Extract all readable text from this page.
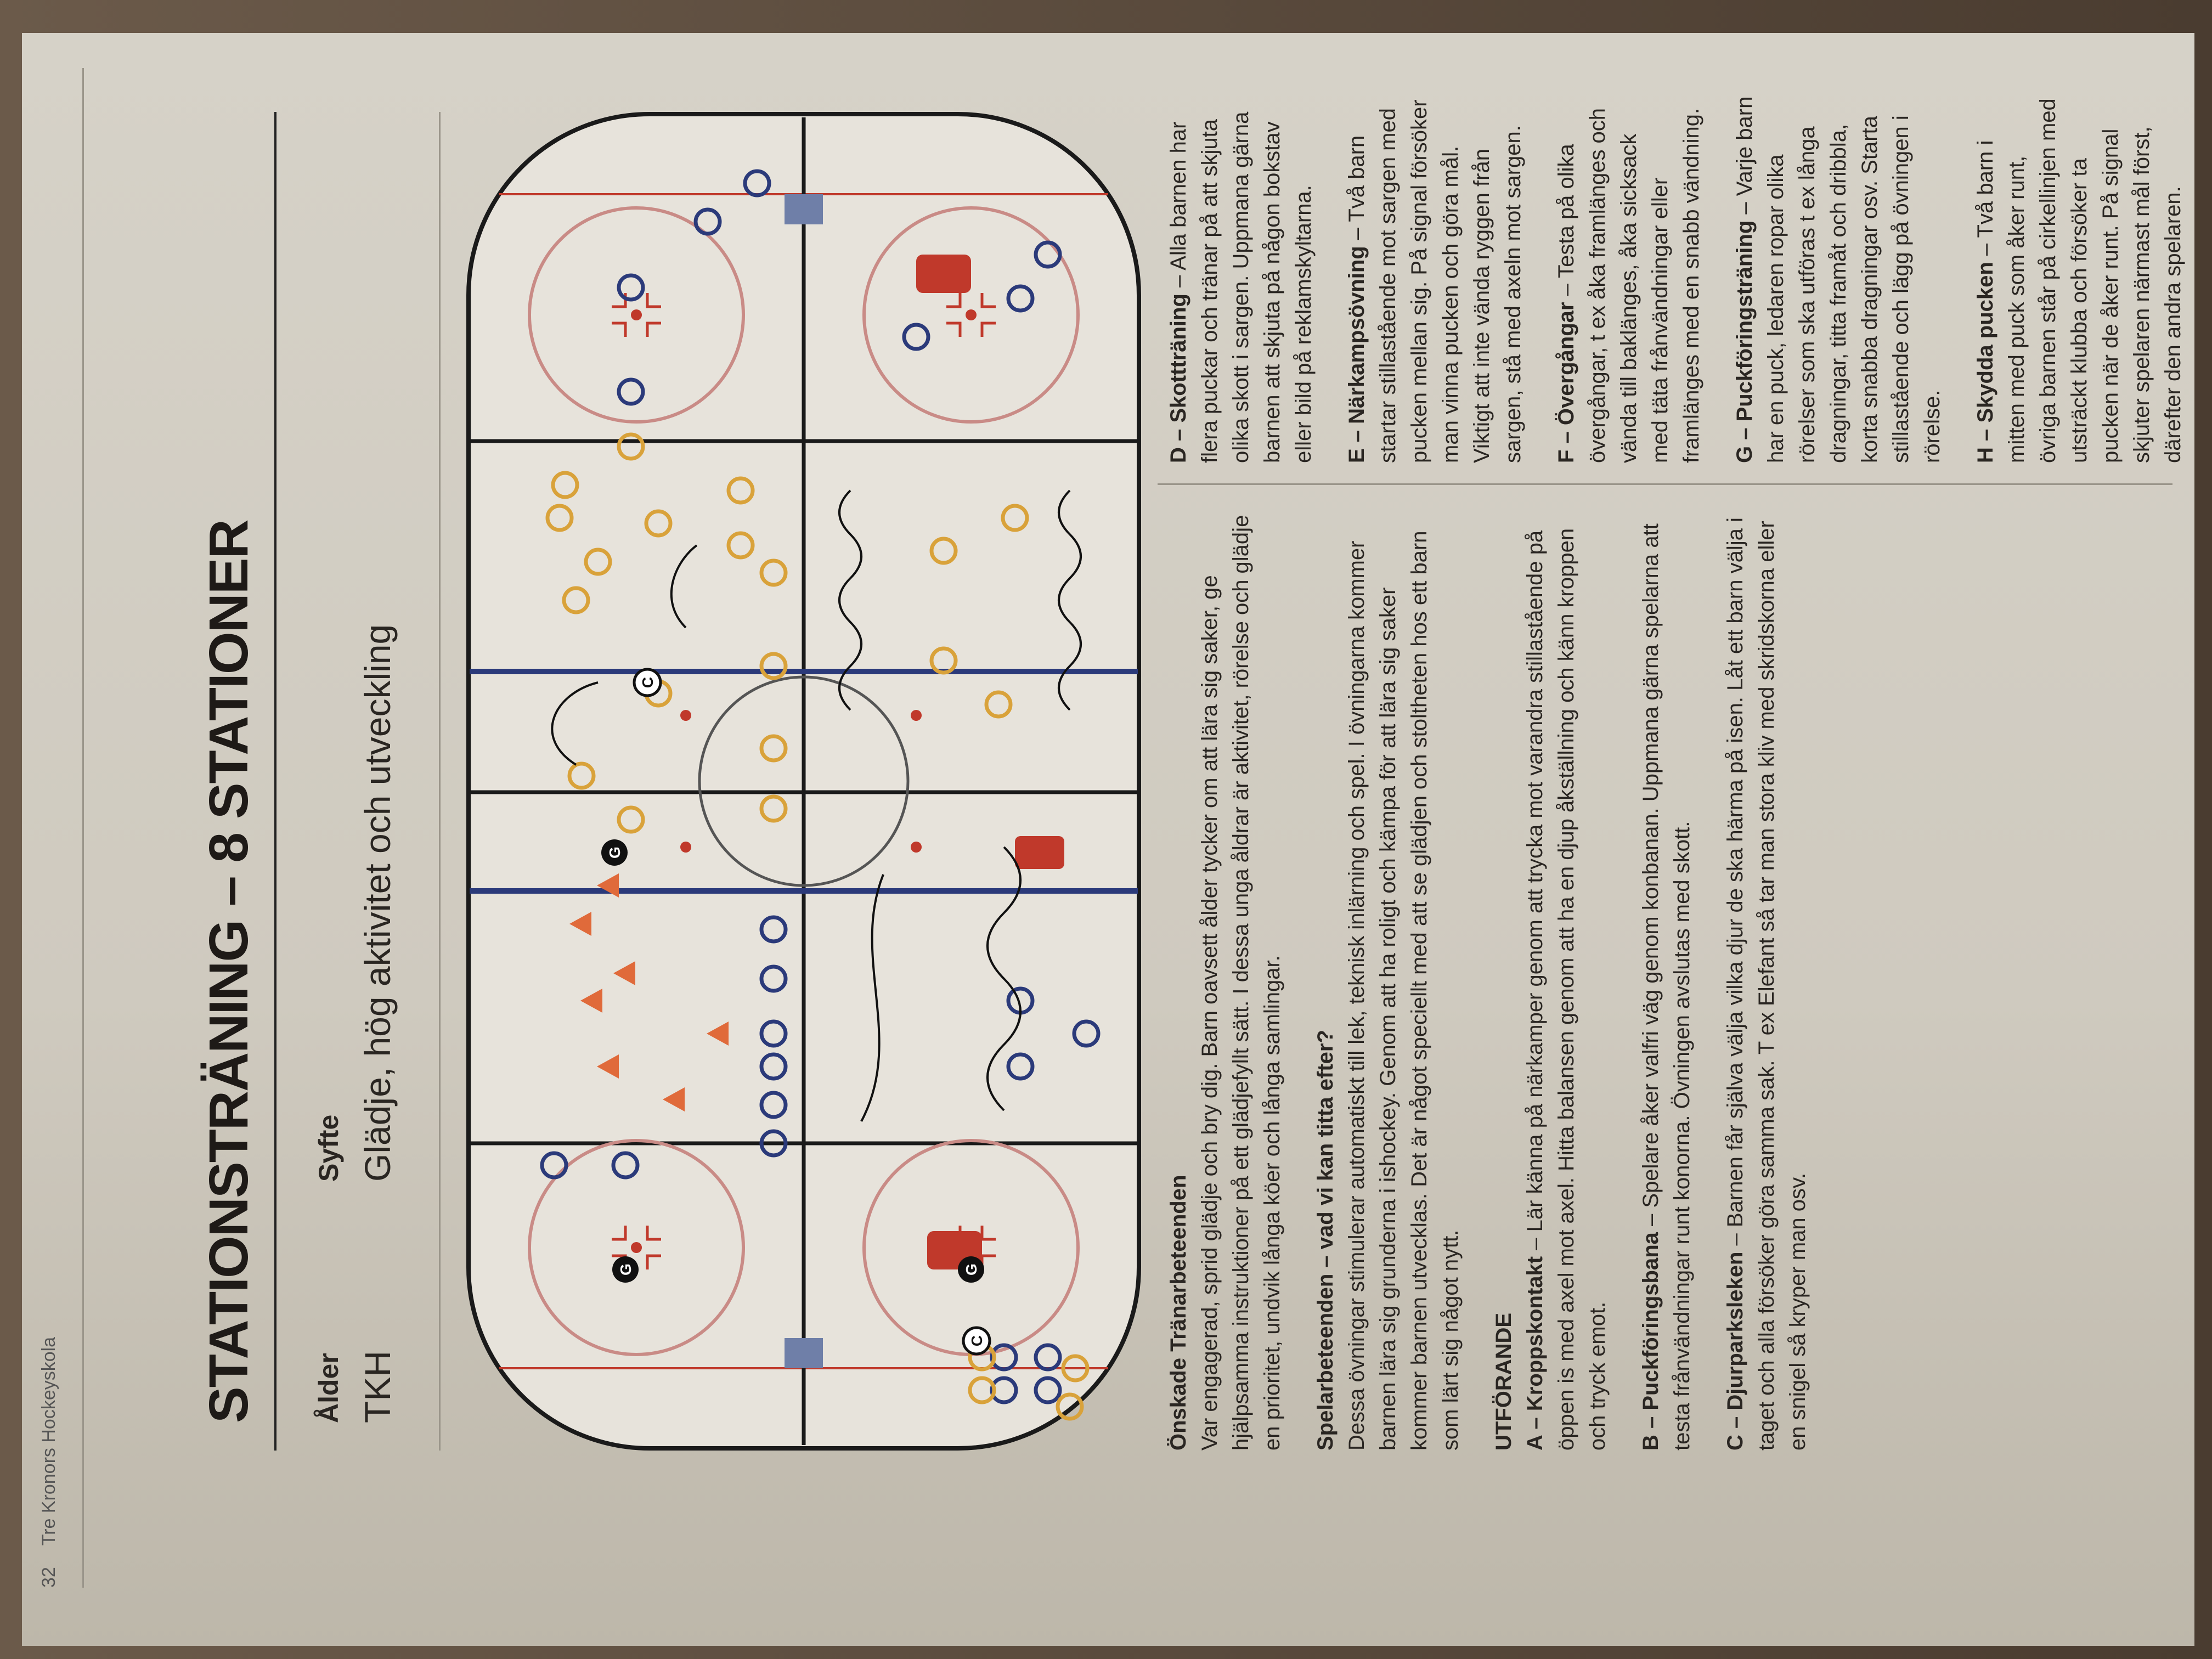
32 Tre Kronors Hockeyskola
STATIONSTRÄNING – 8 STATIONER Ålder TKH
Syfte Glädje, hög aktivitet och utveckling
G	G
G
C
C

Önskade Tränarbeteenden Var engagerad, sprid glädje och bry dig. Barn oavsett ålder tycker om att lära sig saker, ge hjälpsamma instruktioner på ett glädjefyllt sätt. I dessa unga åldrar är aktivitet, rörelse och glädje en prioritet, undvik långa köer och långa samlingar. Spelarbeteenden – vad vi kan titta efter? Dessa övningar stimulerar automatiskt till lek, teknisk inlärning och spel. I övningarna kommer barnen lära sig grunderna i ishockey. Genom att ha roligt och kämpa för att lära sig saker kommer barnen utvecklas. Det är något speciellt med att se glädjen och stoltheten hos ett barn som lärt sig något nytt. UTFÖRANDE A – Kroppskontakt – Lär känna på närkamper genom att trycka mot varandra stillastående på öppen is med axel mot axel. Hitta balansen genom att ha en djup åkställning och känn kroppen och tryck emot. B – Puckföringsbana – Spelare åker valfri väg genom konbanan. Uppmana gärna spelarna att testa frånvändningar runt konorna. Övningen avslutas med skott. C – Djurparksleken – Barnen får själva välja vilka djur de ska härma på isen. Låt ett barn välja i taget och alla försöker göra samma sak. T ex Elefant så tar man stora kliv med skridskorna eller en snigel så kryper man osv.

D – Skottträning – Alla barnen har flera puckar och tränar på att skjuta olika skott i sargen. Uppmana gärna barnen att skjuta på någon bokstav eller bild på reklamskyltarna. E – Närkampsövning – Två barn startar stillastående mot sargen med pucken mellan sig. På signal försöker man vinna pucken och göra mål. Viktigt att inte vända ryggen från sargen, stå med axeln mot sargen. F – Övergångar – Testa på olika övergångar, t ex åka framlänges och vända till baklänges, åka sicksack med täta frånvändningar eller framlänges med en snabb vändning. G – Puckföringsträning – Varje barn har en puck, ledaren ropar olika rörelser som ska utföras t ex långa dragningar, titta framåt och dribbla, korta snabba dragningar osv. Starta stillastående och lägg på övningen i rörelse. H – Skydda pucken – Två barn i mitten med puck som åker runt, övriga barnen står på cirkellinjen med utsträckt klubba och försöker ta pucken när de åker runt. På signal skjuter spelaren närmast mål först, därefter den andra spelaren.
